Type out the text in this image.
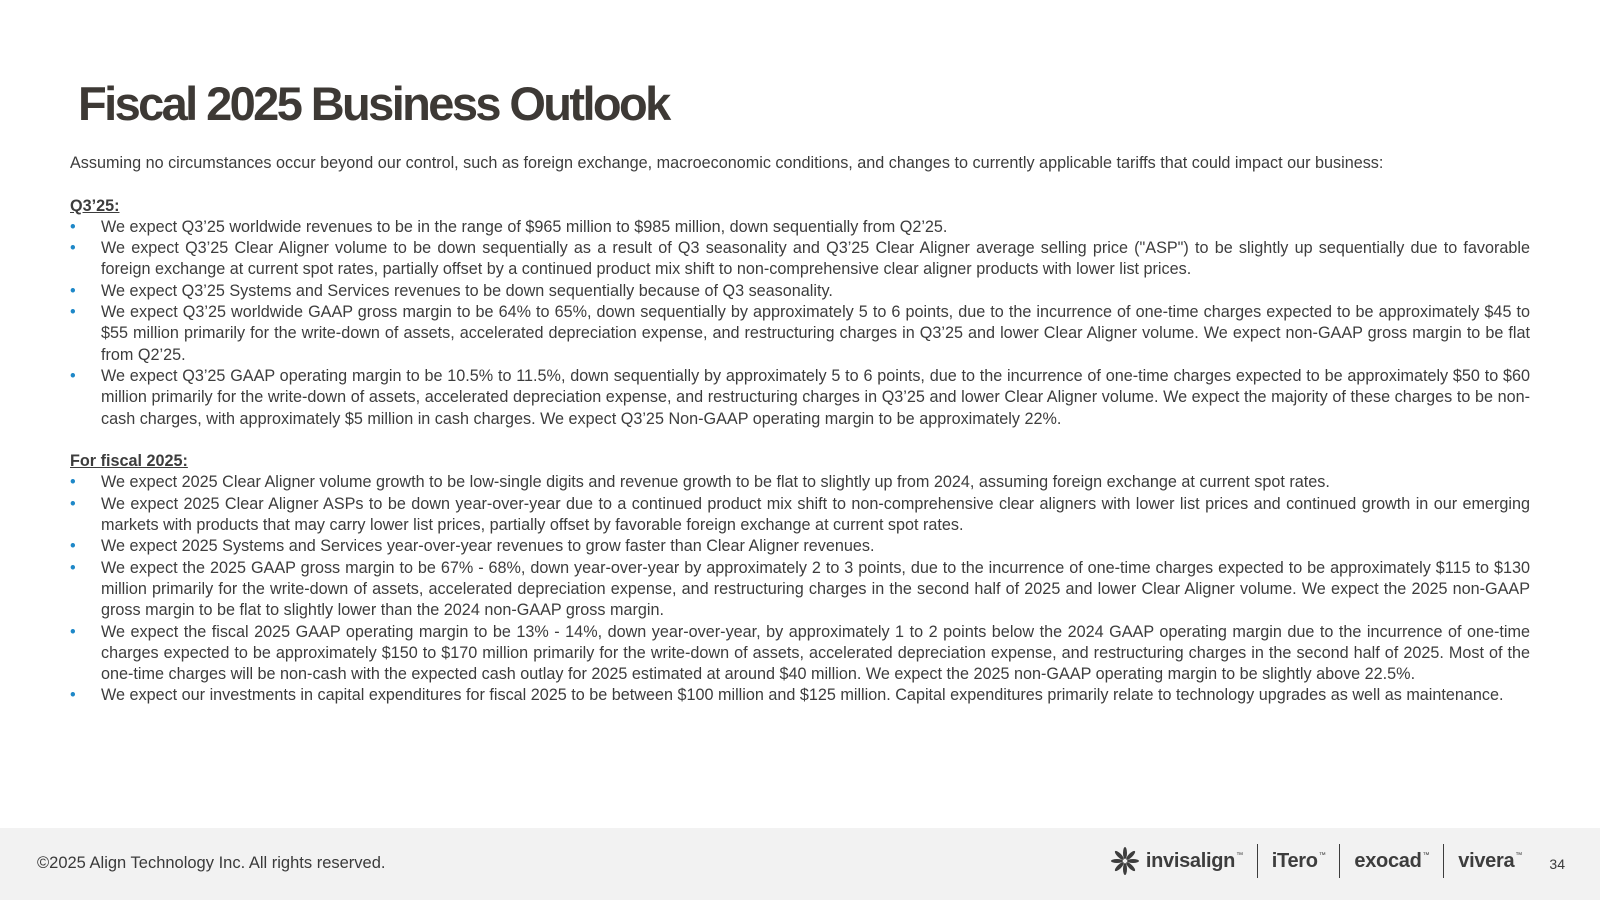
Fiscal 2025 Business Outlook

Assuming no circumstances occur beyond our control, such as foreign exchange, macroeconomic conditions, and changes to currently applicable tariffs that could impact our business:

Q3’25:

• We expect Q3’25 worldwide revenues to be in the range of $965 million to $985 million, down sequentially from Q2’25.
• We expect Q3’25 Clear Aligner volume to be down sequentially as a result of Q3 seasonality and Q3’25 Clear Aligner average selling price ("ASP") to be slightly up sequentially due to favorable foreign exchange at current spot rates, partially offset by a continued product mix shift to non-comprehensive clear aligner products with lower list prices.
• We expect Q3’25 Systems and Services revenues to be down sequentially because of Q3 seasonality.
• We expect Q3’25 worldwide GAAP gross margin to be 64% to 65%, down sequentially by approximately 5 to 6 points, due to the incurrence of one-time charges expected to be approximately $45 to $55 million primarily for the write-down of assets, accelerated depreciation expense, and restructuring charges in Q3’25 and lower Clear Aligner volume. We expect non-GAAP gross margin to be flat from Q2’25.
• We expect Q3’25 GAAP operating margin to be 10.5% to 11.5%, down sequentially by approximately 5 to 6 points, due to the incurrence of one-time charges expected to be approximately $50 to $60 million primarily for the write-down of assets, accelerated depreciation expense, and restructuring charges in Q3’25 and lower Clear Aligner volume. We expect the majority of these charges to be non-cash charges, with approximately $5 million in cash charges. We expect Q3’25 Non-GAAP operating margin to be approximately 22%.

For fiscal 2025:

• We expect 2025 Clear Aligner volume growth to be low-single digits and revenue growth to be flat to slightly up from 2024, assuming foreign exchange at current spot rates.
• We expect 2025 Clear Aligner ASPs to be down year-over-year due to a continued product mix shift to non-comprehensive clear aligners with lower list prices and continued growth in our emerging markets with products that may carry lower list prices, partially offset by favorable foreign exchange at current spot rates.
• We expect 2025 Systems and Services year-over-year revenues to grow faster than Clear Aligner revenues.
• We expect the 2025 GAAP gross margin to be 67% - 68%, down year-over-year by approximately 2 to 3 points, due to the incurrence of one-time charges expected to be approximately $115 to $130 million primarily for the write-down of assets, accelerated depreciation expense, and restructuring charges in the second half of 2025 and lower Clear Aligner volume. We expect the 2025 non-GAAP gross margin to be flat to slightly lower than the 2024 non-GAAP gross margin.
• We expect the fiscal 2025 GAAP operating margin to be 13% - 14%, down year-over-year, by approximately 1 to 2 points below the 2024 GAAP operating margin due to the incurrence of one-time charges expected to be approximately $150 to $170 million primarily for the write-down of assets, accelerated depreciation expense, and restructuring charges in the second half of 2025. Most of the one-time charges will be non-cash with the expected cash outlay for 2025 estimated at around $40 million. We expect the 2025 non-GAAP operating margin to be slightly above 22.5%.
• We expect our investments in capital expenditures for fiscal 2025 to be between $100 million and $125 million. Capital expenditures primarily relate to technology upgrades as well as maintenance.
©2025 Align Technology Inc. All rights reserved.	invisalign™ iTero™ exocad™ vivera™
34
